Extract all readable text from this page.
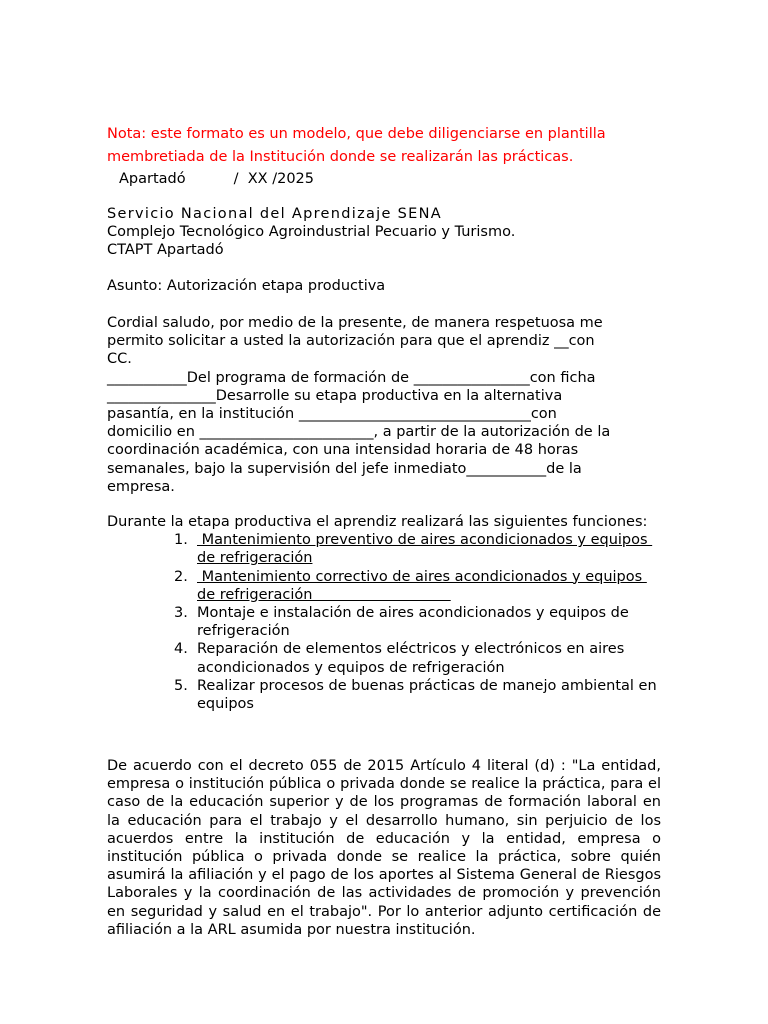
Nota: este formato es un modelo, que debe diligenciarse en plantilla
membretiada de la Institución donde se realizarán las prácticas.
Apartadó	/ XX /2025
Servicio Nacional del Aprendizaje SENA
Complejo Tecnológico Agroindustrial Pecuario y Turismo.
CTAPT Apartadó
Asunto: Autorización etapa productiva
Cordial saludo, por medio de la presente, de manera respetuosa me
permito solicitar a usted la autorización para que el aprendiz __con
CC.
___________Del programa de formación de ________________con ficha
_______________Desarrolle su etapa productiva en la alternativa
pasantía, en la institución ________________________________con
domicilio en ________________________, a partir de la autorización de la
coordinación académica, con una intensidad horaria de 48 horas
semanales, bajo la supervisión del jefe inmediato___________de la
empresa.
Durante la etapa productiva el aprendiz realizará las siguientes funciones:
1. Mantenimiento preventivo de aires acondicionados y equipos
de refrigeración
2. Mantenimiento correctivo de aires acondicionados y equipos
de refrigeración
3. Montaje e instalación de aires acondicionados y equipos de
refrigeración
4. Reparación de elementos eléctricos y electrónicos en aires
acondicionados y equipos de refrigeración
5. Realizar procesos de buenas prácticas de manejo ambiental en
equipos

De acuerdo con el decreto 055 de 2015 Artículo 4 literal (d) : "La entidad, empresa o institución pública o privada donde se realice la práctica, para el caso de la educación superior y de los programas de formación laboral en la educación para el trabajo y el desarrollo humano, sin perjuicio de los acuerdos entre la institución de educación y la entidad, empresa o institución pública o privada donde se realice la práctica, sobre quién asumirá la afiliación y el pago de los aportes al Sistema General de Riesgos Laborales y la coordinación de las actividades de promoción y prevención en seguridad y salud en el trabajo". Por lo anterior adjunto certificación de afiliación a la ARL asumida por nuestra institución.
